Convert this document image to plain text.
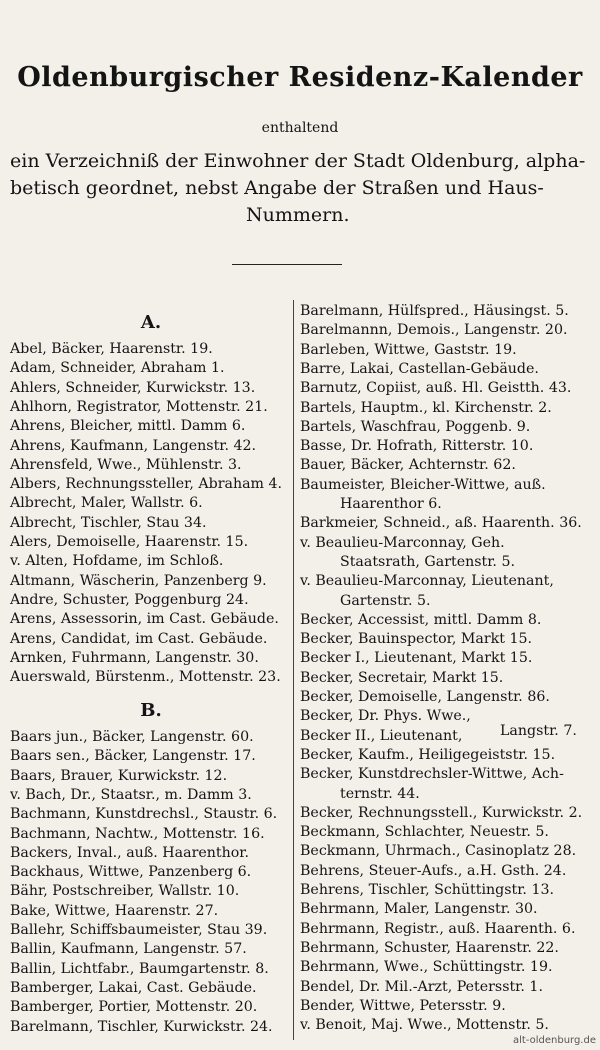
Oldenburgischer Residenz-Kalender
enthaltend
ein Verzeichniß der Einwohner der Stadt Oldenburg, alpha-
betisch geordnet, nebst Angabe der Straßen und Haus-
Nummern.
A.
Abel, Bäcker, Haarenstr. 19.
Adam, Schneider, Abraham 1.
Ahlers, Schneider, Kurwickstr. 13.
Ahlhorn, Registrator, Mottenstr. 21.
Ahrens, Bleicher, mittl. Damm 6.
Ahrens, Kaufmann, Langenstr. 42.
Ahrensfeld, Wwe., Mühlenstr. 3.
Albers, Rechnungssteller, Abraham 4.
Albrecht, Maler, Wallstr. 6.
Albrecht, Tischler, Stau 34.
Alers, Demoiselle, Haarenstr. 15.
v. Alten, Hofdame, im Schloß.
Altmann, Wäscherin, Panzenberg 9.
Andre, Schuster, Poggenburg 24.
Arens, Assessorin, im Cast. Gebäude.
Arens, Candidat, im Cast. Gebäude.
Arnken, Fuhrmann, Langenstr. 30.
Auerswald, Bürstenm., Mottenstr. 23.
B.
Baars jun., Bäcker, Langenstr. 60.
Baars sen., Bäcker, Langenstr. 17.
Baars, Brauer, Kurwickstr. 12.
v. Bach, Dr., Staatsr., m. Damm 3.
Bachmann, Kunstdrechsl., Staustr. 6.
Bachmann, Nachtw., Mottenstr. 16.
Backers, Inval., auß. Haarenthor.
Backhaus, Wittwe, Panzenberg 6.
Bähr, Postschreiber, Wallstr. 10.
Bake, Wittwe, Haarenstr. 27.
Ballehr, Schiffsbaumeister, Stau 39.
Ballin, Kaufmann, Langenstr. 57.
Ballin, Lichtfabr., Baumgartenstr. 8.
Bamberger, Lakai, Cast. Gebäude.
Bamberger, Portier, Mottenstr. 20.
Barelmann, Tischler, Kurwickstr. 24.
Barelmann, Hülfspred., Häusingst. 5.
Barelmannn, Demois., Langenstr. 20.
Barleben, Wittwe, Gaststr. 19.
Barre, Lakai, Castellan-Gebäude.
Barnutz, Copiist, auß. Hl. Geistth. 43.
Bartels, Hauptm., kl. Kirchenstr. 2.
Bartels, Waschfrau, Poggenb. 9.
Basse, Dr. Hofrath, Ritterstr. 10.
Bauer, Bäcker, Achternstr. 62.
Baumeister, Bleicher-Wittwe, auß.
Haarenthor 6.
Barkmeier, Schneid., aß. Haarenth. 36.
v. Beaulieu-Marconnay, Geh.
Staatsrath, Gartenstr. 5.
v. Beaulieu-Marconnay, Lieutenant,
Gartenstr. 5.
Becker, Accessist, mittl. Damm 8.
Becker, Bauinspector, Markt 15.
Becker I., Lieutenant, Markt 15.
Becker, Secretair, Markt 15.
Becker, Demoiselle, Langenstr. 86.
Becker, Dr. Phys. Wwe.,
Becker II., Lieutenant,
Becker, Kaufm., Heiligegeiststr. 15.
Becker, Kunstdrechsler-Wittwe, Ach-
ternstr. 44.
Becker, Rechnungsstell., Kurwickstr. 2.
Beckmann, Schlachter, Neuestr. 5.
Beckmann, Uhrmach., Casinoplatz 28.
Behrens, Steuer-Aufs., a.H. Gsth. 24.
Behrens, Tischler, Schüttingstr. 13.
Behrmann, Maler, Langenstr. 30.
Behrmann, Registr., auß. Haarenth. 6.
Behrmann, Schuster, Haarenstr. 22.
Behrmann, Wwe., Schüttingstr. 19.
Bendel, Dr. Mil.-Arzt, Petersstr. 1.
Bender, Wittwe, Petersstr. 9.
v. Benoit, Maj. Wwe., Mottenstr. 5.
Langstr. 7.
alt-oldenburg.de
